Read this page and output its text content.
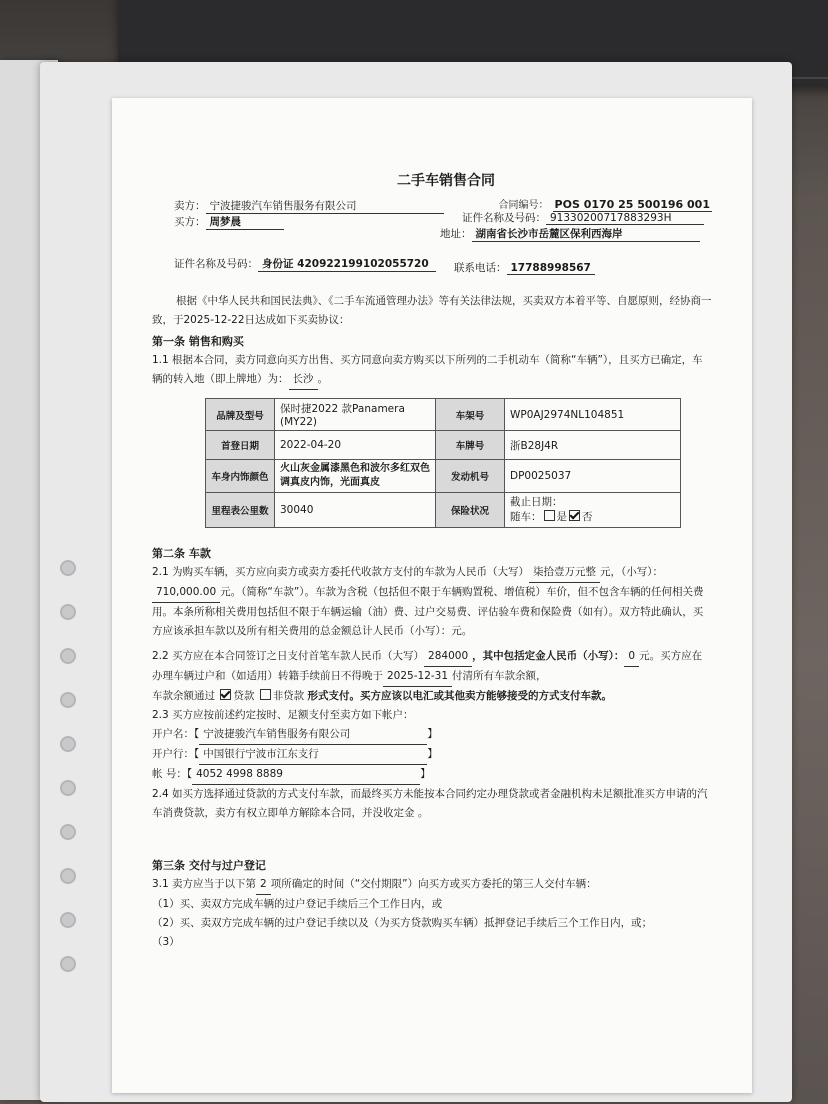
二手车销售合同
合同编号： POS 0170 25 500196 001
卖方： 宁波捷骏汽车销售服务有限公司
买方： 周梦晨	证件名称及号码： 91330200717883293H
地址： 湖南省长沙市岳麓区保利西海岸
证件名称及号码： 身份证 420922199102055720	联系电话： 17788998567
根据《中华人民共和国民法典》、《二手车流通管理办法》等有关法律法规，买卖双方本着平等、自愿原则，经协商一致，于2025-12-22日达成如下买卖协议：
第一条 销售和购买
1.1 根据本合同，卖方同意向买方出售、买方同意向卖方购买以下所列的二手机动车（简称“车辆”），且买方已确定，车辆的转入地（即上牌地）为： 长沙 。
品牌及型号	保时捷2022 款Panamera (MY22)	车架号	WP0AJ2974NL104851
首登日期	2022-04-20	车牌号	浙B28J4R
车身内饰颜色	火山灰金属漆黑色和波尔多红双色调真皮内饰，光面真皮	发动机号	DP0025037
里程表公里数	30040	保险状况	截止日期：
随车： 是 否
第二条 车款
2.1 为购买车辆，买方应向卖方或卖方委托代收款方支付的车款为人民币（大写） 柒拾壹万元整 元，（小写）：710,000.00 元。（简称“车款”）。车款为含税（包括但不限于车辆购置税、增值税）车价，但不包含车辆的任何相关费用。本条所称相关费用包括但不限于车辆运输（油）费、过户交易费、评估验车费和保险费（如有）。双方特此确认，买方应该承担车款以及所有相关费用的总金额总计人民币（小写）：元。
2.2 买方应在本合同签订之日支付首笔车款人民币（大写） 284000 ，其中包括定金人民币（小写）： 0 元。买方应在办理车辆过户和（如适用）转籍手续前日不得晚于 2025-12-31 付清所有车款余额，
车款余额通过 贷款 非贷款 形式支付。买方应该以电汇或其他卖方能够接受的方式支付车款。
2.3 买方应按前述约定按时、足额支付至卖方如下帐户：
开户名：【 宁波捷骏汽车销售服务有限公司	】
开户行：【 中国银行宁波市江东支行	】
帐 号：【 4052 4998 8889	】
2.4 如买方选择通过贷款的方式支付车款，而最终买方未能按本合同约定办理贷款或者金融机构未足额批准买方申请的汽车消费贷款，卖方有权立即单方解除本合同，并没收定金 。
第三条 交付与过户登记
3.1 卖方应当于以下第 2 项所确定的时间（“交付期限”）向买方或买方委托的第三人交付车辆：
（1）买、卖双方完成车辆的过户登记手续后三个工作日内，或
（2）买、卖双方完成车辆的过户登记手续以及（为买方贷款购买车辆）抵押登记手续后三个工作日内，或；
（3）
